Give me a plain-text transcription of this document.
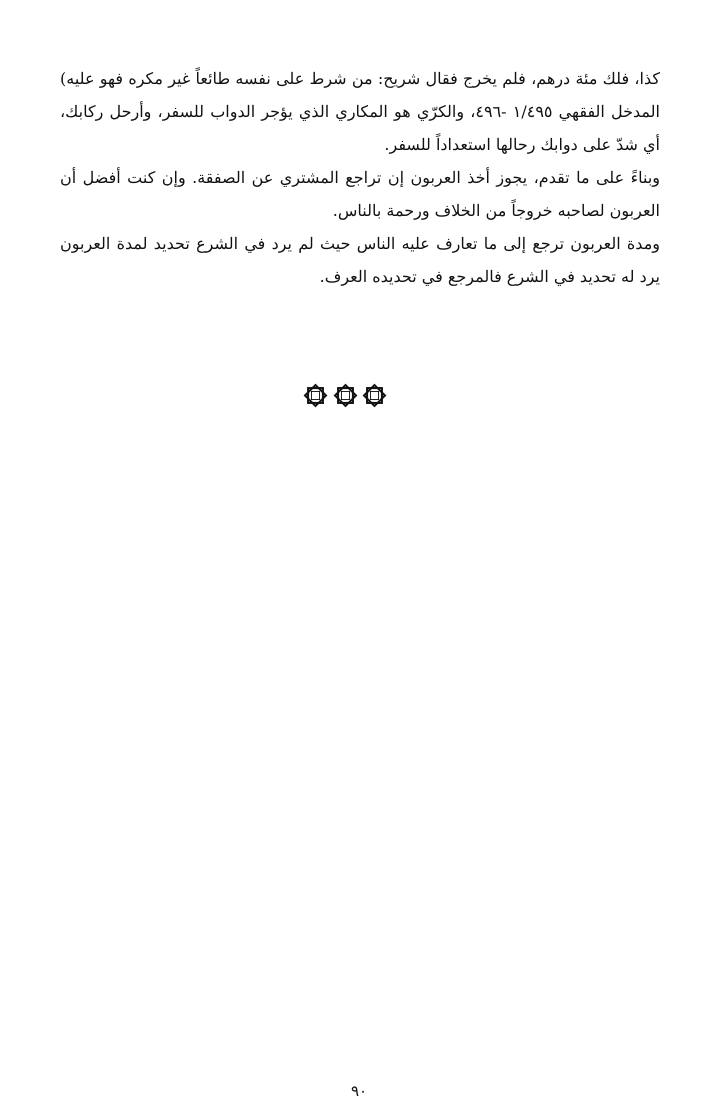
كذا، فلك مئة درهم، فلم يخرج فقال شريح: من شرط على نفسه طائعاً غير مكره فهو عليه)
المدخل الفقهي ١/٤٩٥ -٤٩٦، والكرّي هو المكاري الذي يؤجر الدواب للسفر، وأرحل ركابك،
أي شدّ على دوابك رحالها استعداداً للسفر.
وبناءً على ما تقدم، يجوز أخذ العربون إن تراجع المشتري عن الصفقة. وإن كنت أفضل أن
العربون لصاحبه خروجاً من الخلاف ورحمة بالناس.
ومدة العربون ترجع إلى ما تعارف عليه الناس حيث لم يرد في الشرع تحديد لمدة العربون
يرد له تحديد في الشرع فالمرجع في تحديده العرف.
٩٠
